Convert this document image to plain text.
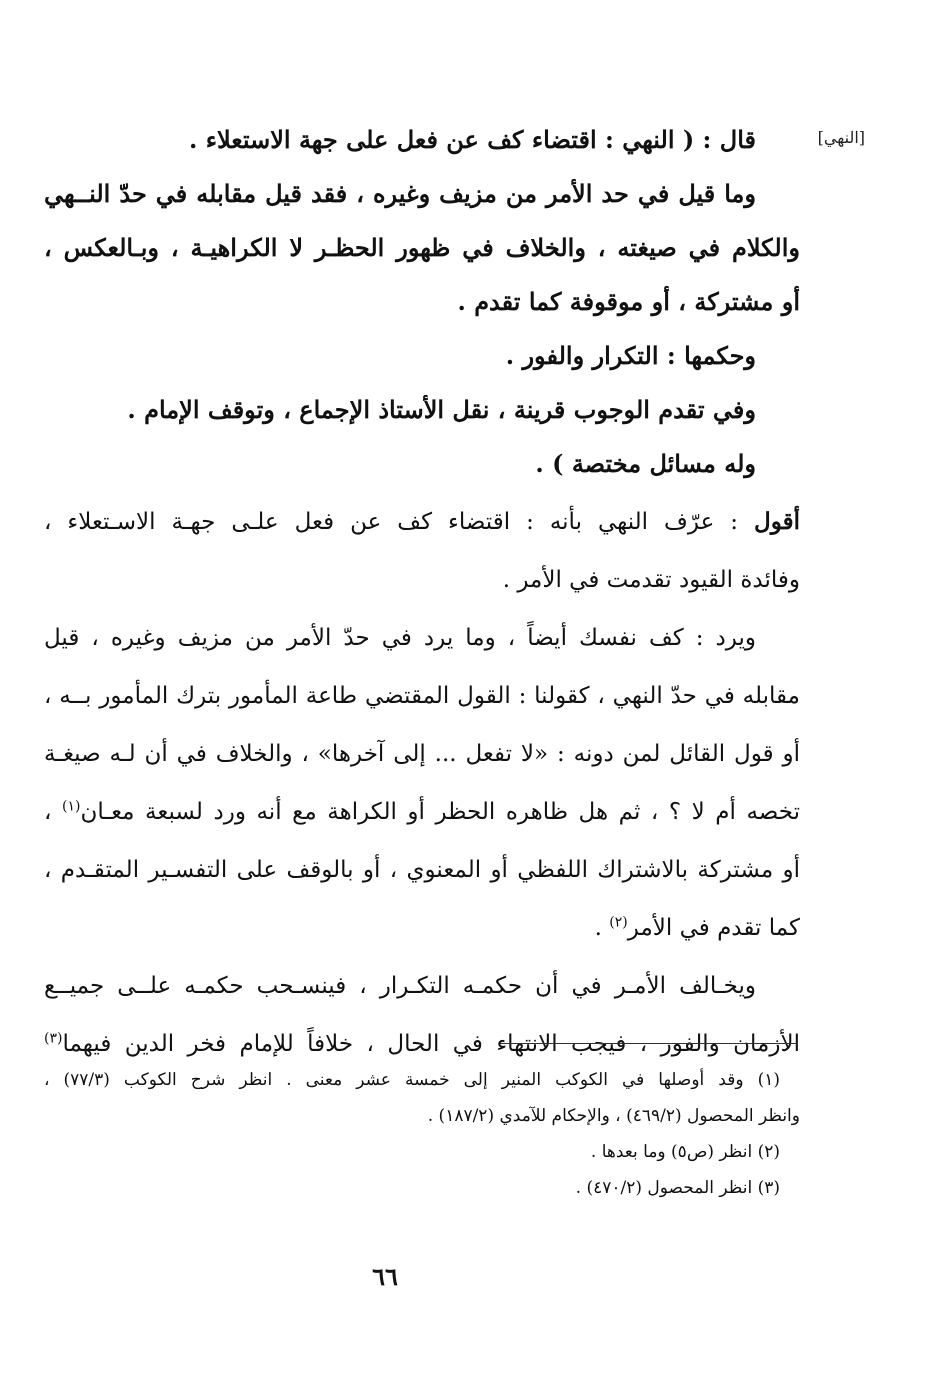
[النهي]
قال : ( النهي : اقتضاء كف عن فعل على جهة الاستعلاء .
وما قيل في حد الأمر من مزيف وغيره ، فقد قيل مقابله في حدّ النــهي
والكلام في صيغته ، والخلاف في ظهور الحظـر لا الكراهيـة ، وبـالعكس ،
أو مشتركة ، أو موقوفة كما تقدم .
وحكمها : التكرار والفور .
وفي تقدم الوجوب قرينة ، نقل الأستاذ الإجماع ، وتوقف الإمام .
وله مسائل مختصة ) .
أقول : عرّف النهي بأنه : اقتضاء كف عن فعل علـى جهـة الاسـتعلاء ،
وفائدة القيود تقدمت في الأمر .
ويرد : كف نفسك أيضاً ، وما يرد في حدّ الأمر من مزيف وغيره ، قيل
مقابله في حدّ النهي ، كقولنا : القول المقتضي طاعة المأمور بترك المأمور بــه ،
أو قول القائل لمن دونه : «لا تفعل ... إلى آخرها» ، والخلاف في أن لـه صيغـة
تخصه أم لا ؟ ، ثم هل ظاهره الحظر أو الكراهة مع أنه ورد لسبعة معـان$^{(١)}$ ،
أو مشتركة بالاشتراك اللفظي أو المعنوي ، أو بالوقف على التفسـير المتقـدم ،
كما تقدم في الأمر$^{(٢)}$ .
ويخـالف الأمـر في أن حكمـه التكـرار ، فينسـحب حكمـه علــى جميــع
الأزمان والفور ، فيجب الانتهاء في الحال ، خلافاً للإمام فخر الدين فيهما$^{(٣)}$
(١) وقد أوصلها في الكوكب المنير إلى خمسة عشر معنى . انظر شرح الكوكب (٧٧/٣) ،
وانظر المحصول (٤٦٩/٢) ، والإحكام للآمدي (١٨٧/٢) .
(٢) انظر (ص٥) وما بعدها .
(٣) انظر المحصول (٤٧٠/٢) .
٦٦
